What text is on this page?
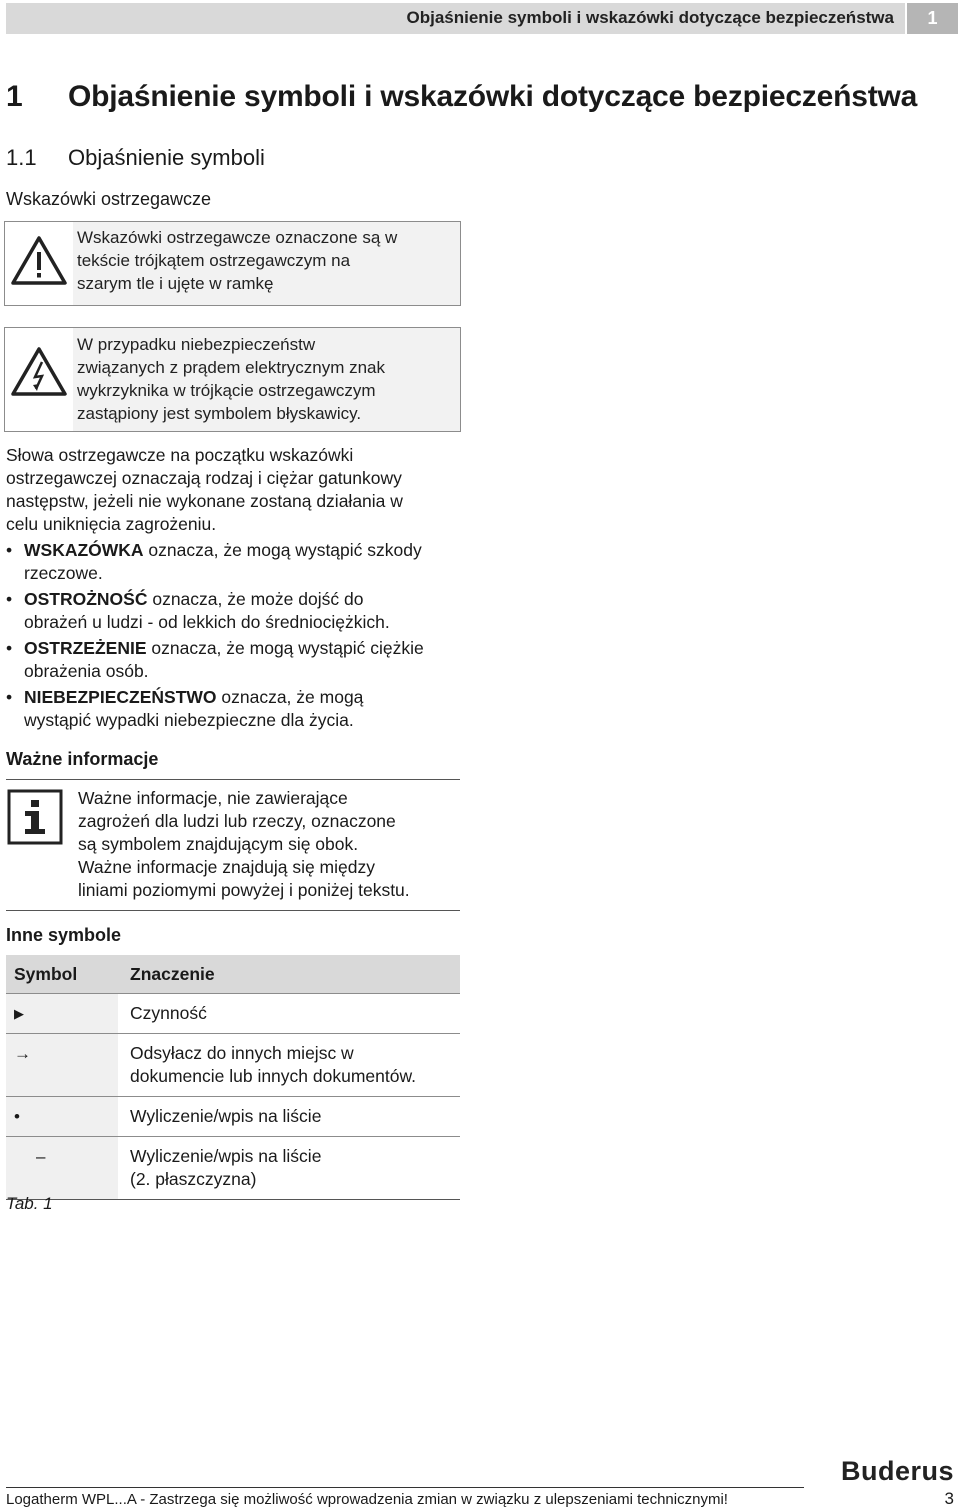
Objaśnienie symboli i wskazówki dotyczące bezpieczeństwa	1
1 Objaśnienie symboli i wskazówki dotyczące bezpieczeństwa
1.1 Objaśnienie symboli
Wskazówki ostrzegawcze
Wskazówki ostrzegawcze oznaczone są w
tekście trójkątem ostrzegawczym na
szarym tle i ujęte w ramkę
W przypadku niebezpieczeństw
związanych z prądem elektrycznym znak
wykrzyknika w trójkącie ostrzegawczym
zastąpiony jest symbolem błyskawicy.
Słowa ostrzegawcze na początku wskazówki
ostrzegawczej oznaczają rodzaj i ciężar gatunkowy
następstw, jeżeli nie wykonane zostaną działania w
celu uniknięcia zagrożeniu.
• WSKAZÓWKA oznacza, że mogą wystąpić szkody
rzeczowe.
• OSTROŻNOŚĆ oznacza, że może dojść do
obrażeń u ludzi - od lekkich do średniociężkich.
• OSTRZEŻENIE oznacza, że mogą wystąpić ciężkie
obrażenia osób.
• NIEBEZPIECZEŃSTWO oznacza, że mogą
wystąpić wypadki niebezpieczne dla życia.
Ważne informacje
Ważne informacje, nie zawierające
zagrożeń dla ludzi lub rzeczy, oznaczone
są symbolem znajdującym się obok.
Ważne informacje znajdują się między
liniami poziomymi powyżej i poniżej tekstu.
Inne symbole
Symbol	Znaczenie

▶	Czynność

→	Odsyłacz do innych miejsc w
dokumencie lub innych dokumentów.

•	Wyliczenie/wpis na liście

–	Wyliczenie/wpis na liście
(2. płaszczyzna)
Tab. 1
Buderus
Logatherm WPL...A - Zastrzega się możliwość wprowadzenia zmian w związku z ulepszeniami technicznymi!	3
